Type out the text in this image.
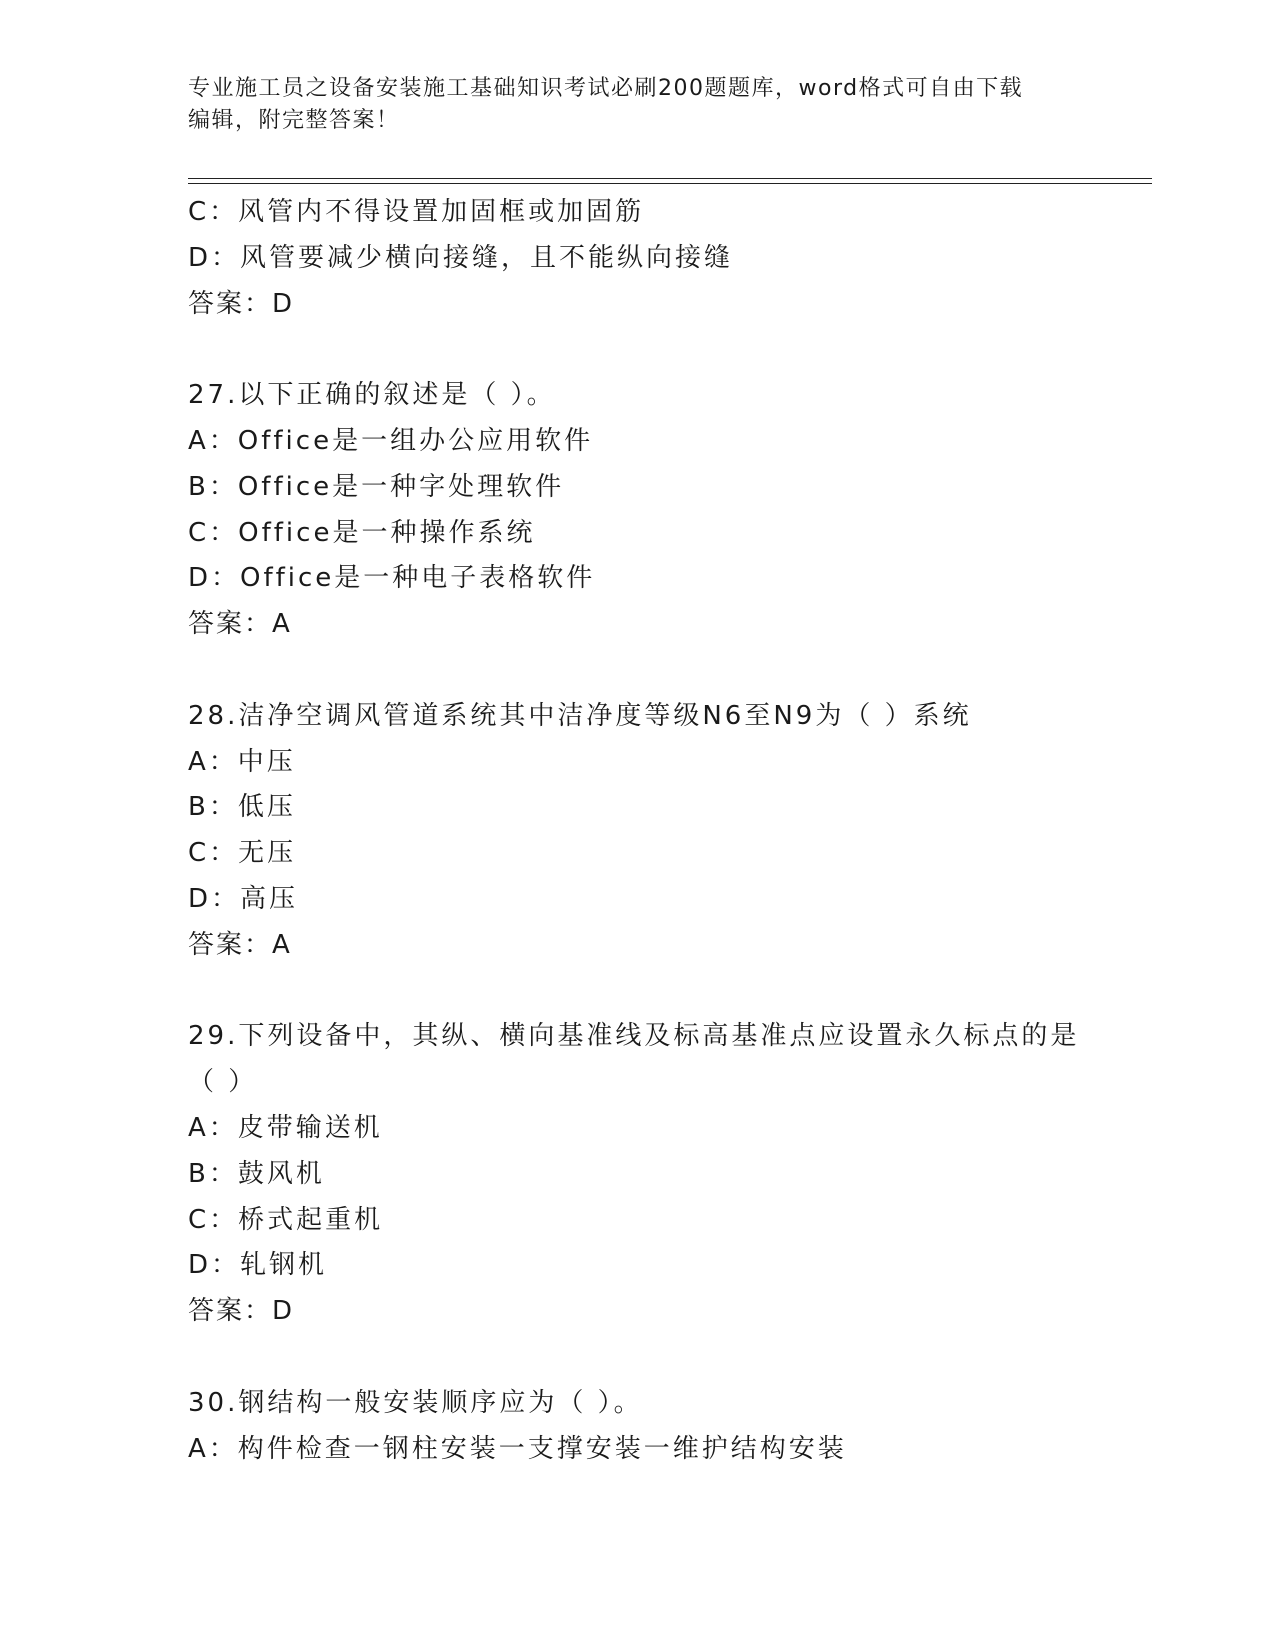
专业施工员之设备安装施工基础知识考试必刷200题题库，word格式可自由下载
编辑，附完整答案！
C：风管内不得设置加固框或加固筋
D：风管要减少横向接缝，且不能纵向接缝
答案：D
27.以下正确的叙述是（ ）。
A：Office是一组办公应用软件
B：Office是一种字处理软件
C：Office是一种操作系统
D：Office是一种电子表格软件
答案：A
28.洁净空调风管道系统其中洁净度等级N6至N9为（ ）系统
A：中压
B：低压
C：无压
D：高压
答案：A
29.下列设备中，其纵、横向基准线及标高基准点应设置永久标点的是
（ ）
A：皮带输送机
B：鼓风机
C：桥式起重机
D：轧钢机
答案：D
30.钢结构一般安装顺序应为（ ）。
A：构件检查一钢柱安装一支撑安装一维护结构安装
